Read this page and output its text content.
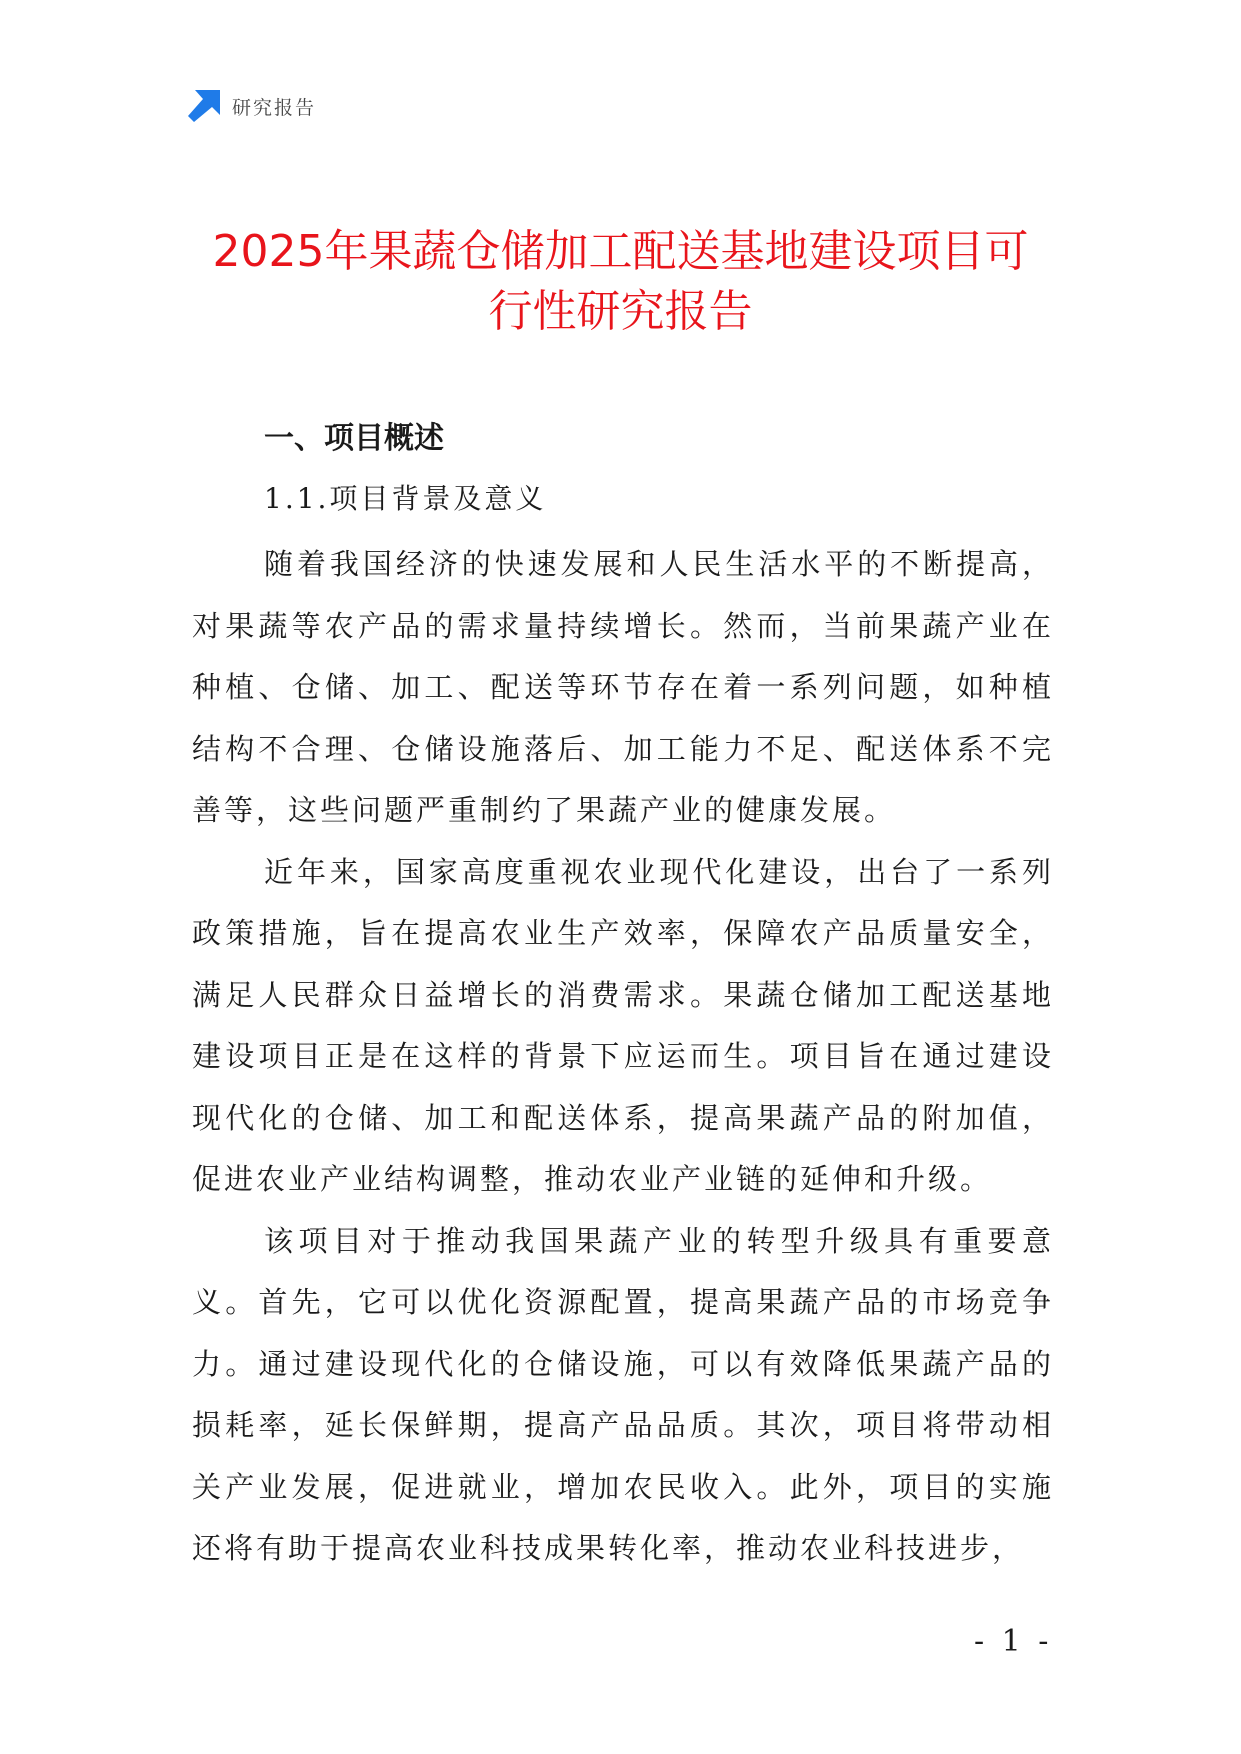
研究报告
2025年果蔬仓储加工配送基地建设项目可
行性研究报告
一、项目概述
1.1.项目背景及意义

随着我国经济的快速发展和人民生活水平的不断提高，对果蔬等农产品的需求量持续增长。然而，当前果蔬产业在种植、仓储、加工、配送等环节存在着一系列问题，如种植结构不合理、仓储设施落后、加工能力不足、配送体系不完善等，这些问题严重制约了果蔬产业的健康发展。

近年来，国家高度重视农业现代化建设，出台了一系列政策措施，旨在提高农业生产效率，保障农产品质量安全，满足人民群众日益增长的消费需求。果蔬仓储加工配送基地建设项目正是在这样的背景下应运而生。项目旨在通过建设现代化的仓储、加工和配送体系，提高果蔬产品的附加值，促进农业产业结构调整，推动农业产业链的延伸和升级。

该项目对于推动我国果蔬产业的转型升级具有重要意义。首先，它可以优化资源配置，提高果蔬产品的市场竞争力。通过建设现代化的仓储设施，可以有效降低果蔬产品的损耗率，延长保鲜期，提高产品品质。其次，项目将带动相关产业发展，促进就业，增加农民收入。此外，项目的实施还将有助于提高农业科技成果转化率，推动农业科技进步，

- 1 -
